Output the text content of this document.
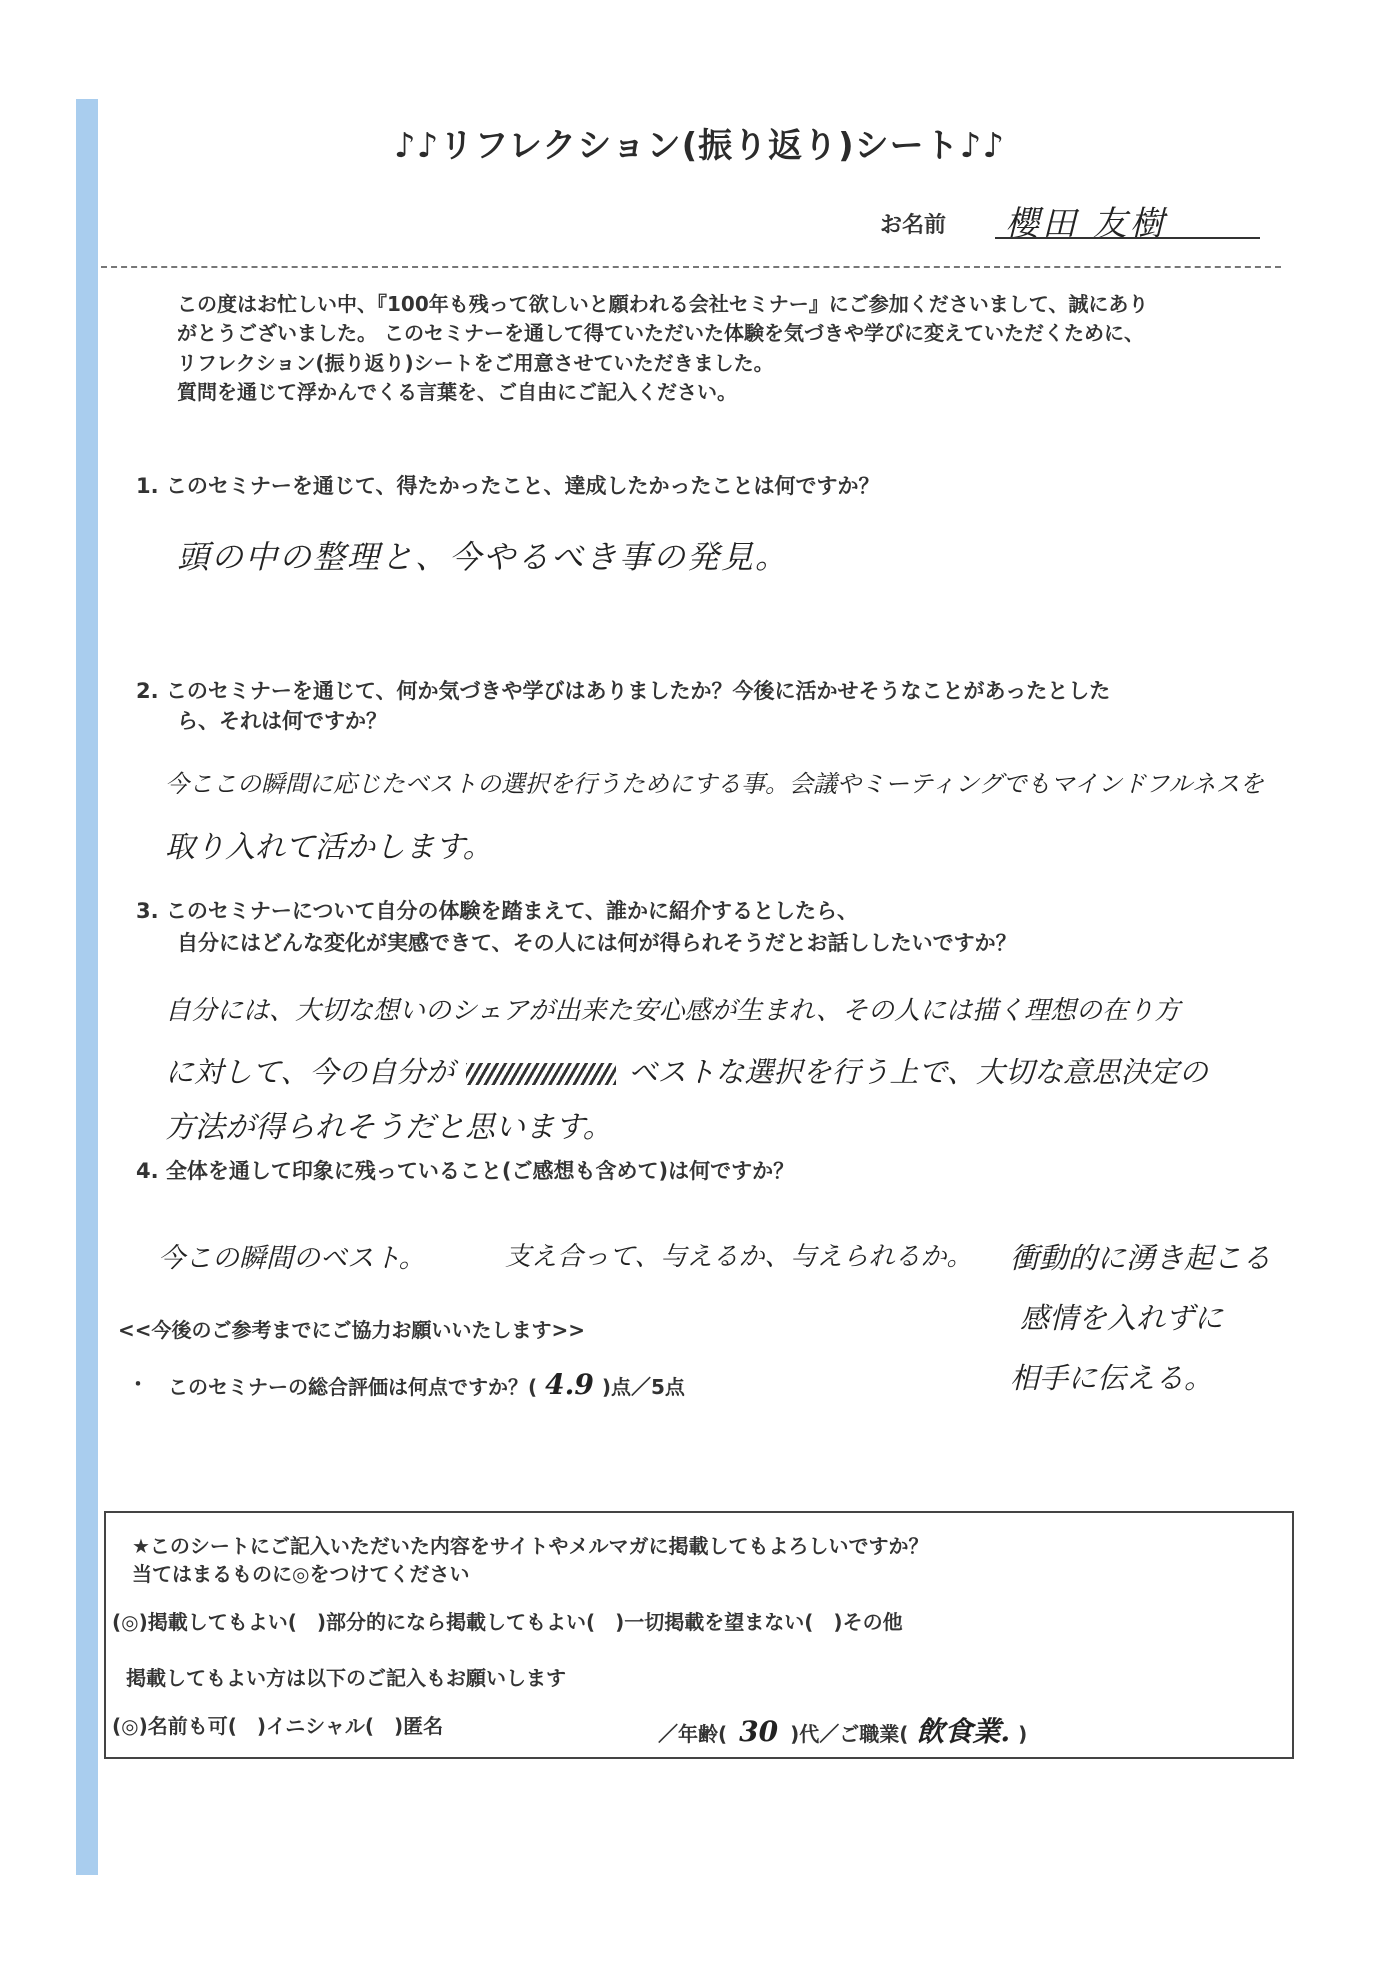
♪♪リフレクション(振り返り)シート♪♪
お名前 櫻田 友樹
この度はお忙しい中、『100年も残って欲しいと願われる会社セミナー』にご参加くださいまして、誠にあり
がとうございました。 このセミナーを通して得ていただいた体験を気づきや学びに変えていただくために、
リフレクション(振り返り)シートをご用意させていただきました。
質問を通じて浮かんでくる言葉を、ご自由にご記入ください。
1. このセミナーを通じて、得たかったこと、達成したかったことは何ですか？
頭の中の整理と、今やるべき事の発見。
2. このセミナーを通じて、何か気づきや学びはありましたか？今後に活かせそうなことがあったとした
ら、それは何ですか？
今ここの瞬間に応じたベストの選択を行うためにする事。会議やミーティングでもマインドフルネスを
取り入れて活かします。
3. このセミナーについて自分の体験を踏まえて、誰かに紹介するとしたら、
自分にはどんな変化が実感できて、その人には何が得られそうだとお話ししたいですか？
自分には、大切な想いのシェアが出来た安心感が生まれ、その人には描く理想の在り方
に対して、今の自分が	ベストな選択を行う上で、大切な意思決定の
方法が得られそうだと思います。
4. 全体を通して印象に残っていること(ご感想も含めて)は何ですか？
今この瞬間のベスト。	支え合って、与えるか、与えられるか。 衝動的に湧き起こる
感情を入れずに
相手に伝える。
<<今後のご参考までにご協力お願いいたします>>
・ このセミナーの総合評価は何点ですか？( 4.9 )点／5点
★このシートにご記入いただいた内容をサイトやメルマガに掲載してもよろしいですか？
当てはまるものに◎をつけてください
(◎)掲載してもよい(　)部分的になら掲載してもよい(　)一切掲載を望まない(　)その他
掲載してもよい方は以下のご記入もお願いします
(◎)名前も可(　)イニシャル(　)匿名	／年齢( 30 )代／ご職業( 飲食業. )
